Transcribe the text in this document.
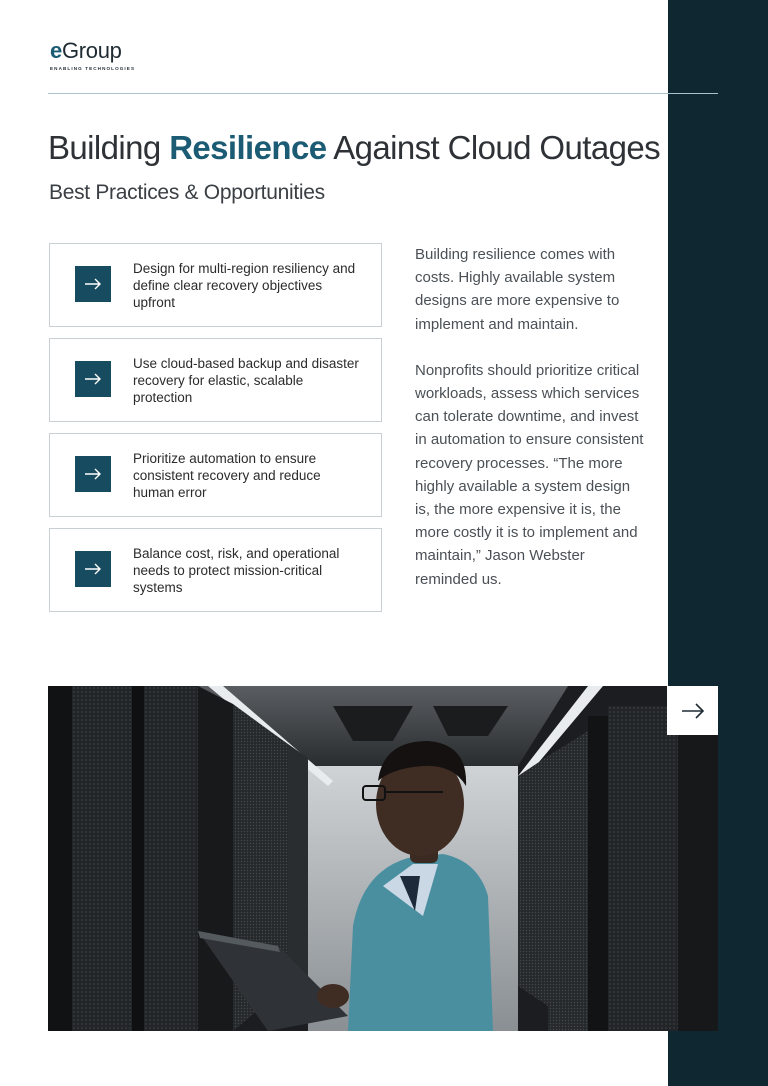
eGroup
ENABLING TECHNOLOGIES
Building Resilience Against Cloud Outages
Best Practices & Opportunities
Design for multi-region resiliency and define clear recovery objectives upfront
Use cloud-based backup and disaster recovery for elastic, scalable protection
Prioritize automation to ensure consistent recovery and reduce human error
Balance cost, risk, and operational needs to protect mission-critical systems

Building resilience comes with costs. Highly available system designs are more expensive to implement and maintain.

Nonprofits should prioritize critical workloads, assess which services can tolerate downtime, and invest in automation to ensure consistent recovery processes. “The more highly available a system design is, the more expensive it is, the more costly it is to implement and maintain,” Jason Webster reminded us.
